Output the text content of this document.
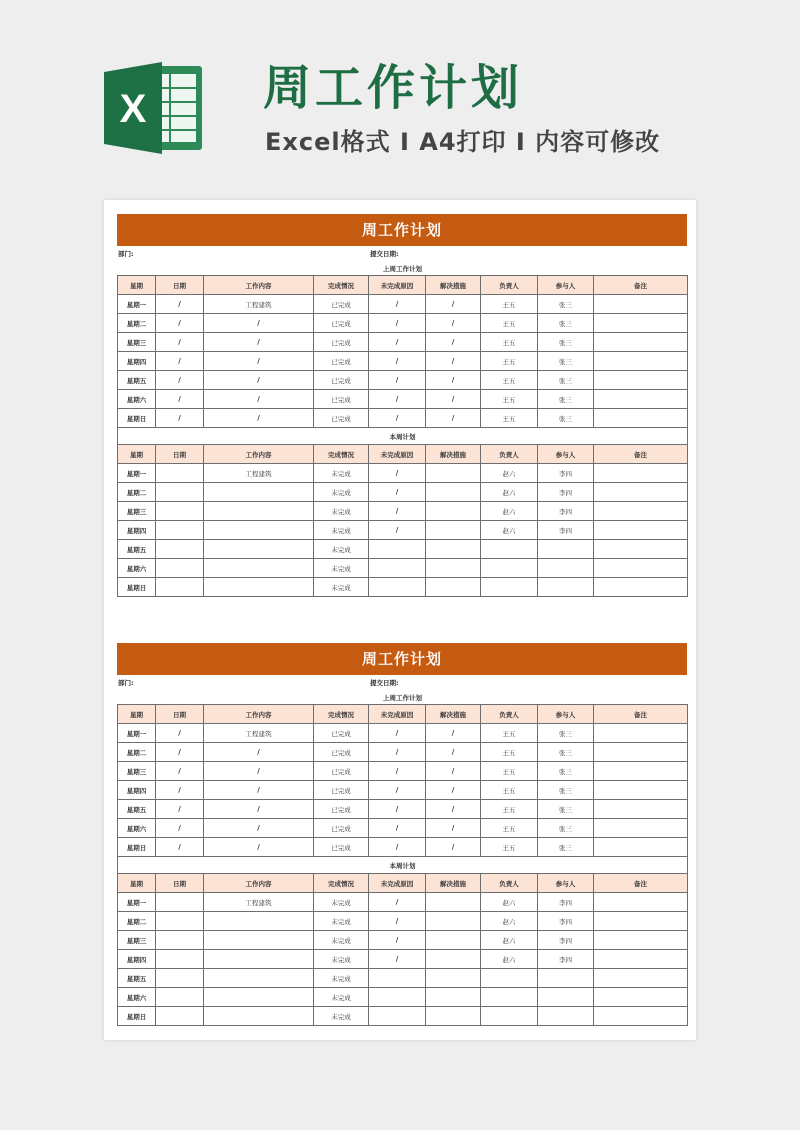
X 周工作计划
Excel格式 I A4打印 I 内容可修改
周工作计划
部门:	提交日期:
上周工作计划								
星期	日期	工作内容	完成情况	未完成原因	解决措施	负责人	参与人	备注
星期一	/	工程建筑	已完成	/	/	王五	张三	
星期二	/	/	已完成	/	/	王五	张三	
星期三	/	/	已完成	/	/	王五	张三	
星期四	/	/	已完成	/	/	王五	张三	
星期五	/	/	已完成	/	/	王五	张三	
星期六	/	/	已完成	/	/	王五	张三	
星期日	/	/	已完成	/	/	王五	张三	
本周计划								
星期	日期	工作内容	完成情况	未完成原因	解决措施	负责人	参与人	备注
星期一		工程建筑	未完成	/		赵六	李四	
星期二			未完成	/		赵六	李四	
星期三			未完成	/		赵六	李四	
星期四			未完成	/		赵六	李四	
星期五			未完成					
星期六			未完成					
星期日			未完成					
周工作计划
部门:	提交日期:
上周工作计划								
星期	日期	工作内容	完成情况	未完成原因	解决措施	负责人	参与人	备注
星期一	/	工程建筑	已完成	/	/	王五	张三	
星期二	/	/	已完成	/	/	王五	张三	
星期三	/	/	已完成	/	/	王五	张三	
星期四	/	/	已完成	/	/	王五	张三	
星期五	/	/	已完成	/	/	王五	张三	
星期六	/	/	已完成	/	/	王五	张三	
星期日	/	/	已完成	/	/	王五	张三	
本周计划								
星期	日期	工作内容	完成情况	未完成原因	解决措施	负责人	参与人	备注
星期一		工程建筑	未完成	/		赵六	李四	
星期二			未完成	/		赵六	李四	
星期三			未完成	/		赵六	李四	
星期四			未完成	/		赵六	李四	
星期五			未完成					
星期六			未完成					
星期日			未完成					
